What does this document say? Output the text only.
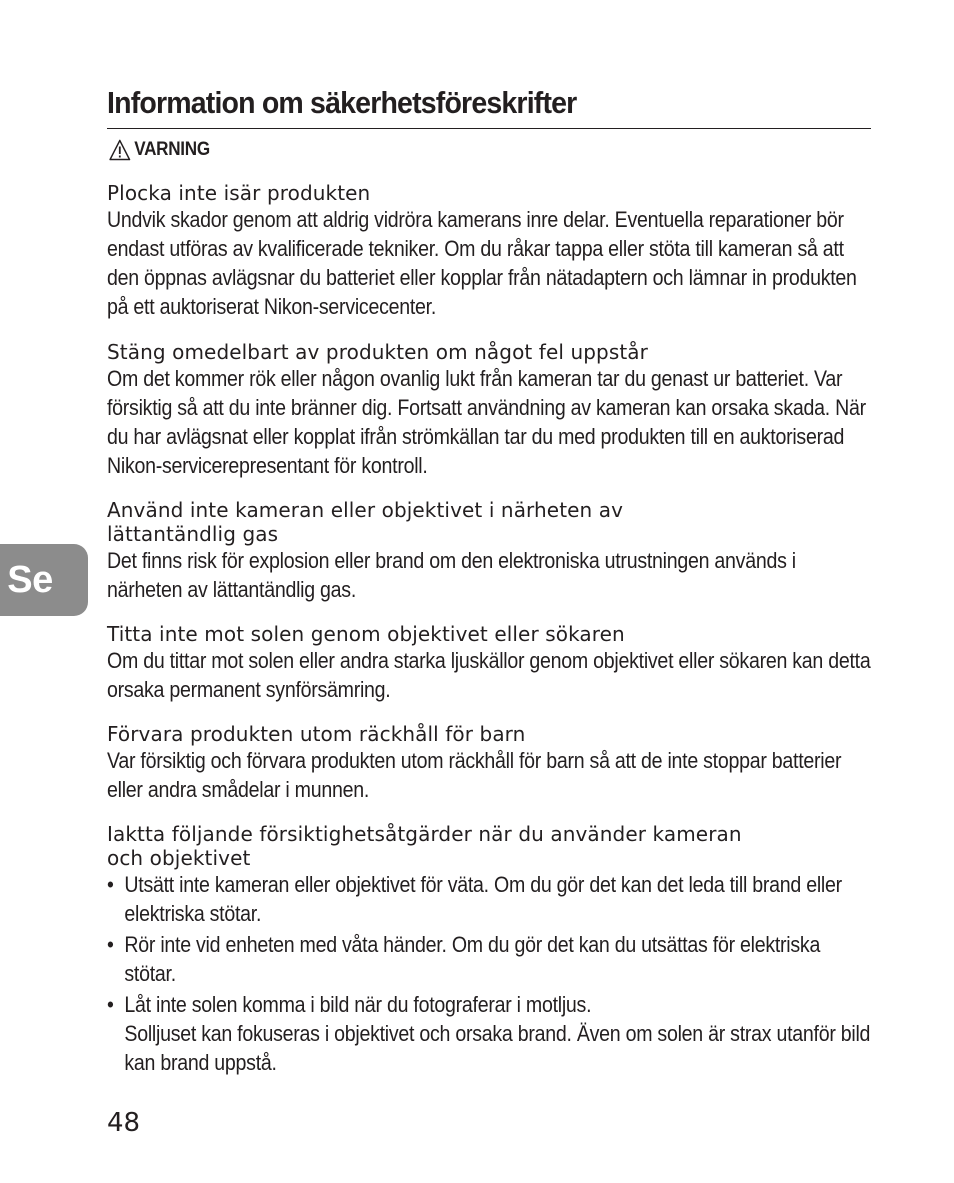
Information om säkerhetsföreskrifter
VARNING

Plocka inte isär produkten

Undvik skador genom att aldrig vidröra kamerans inre delar. Eventuella reparationer bör endast utföras av kvalificerade tekniker. Om du råkar tappa eller stöta till kameran så att den öppnas avlägsnar du batteriet eller kopplar från nätadaptern och lämnar in produkten på ett auktoriserat Nikon-servicecenter.

Stäng omedelbart av produkten om något fel uppstår

Om det kommer rök eller någon ovanlig lukt från kameran tar du genast ur batteriet. Var försiktig så att du inte bränner dig. Fortsatt användning av kameran kan orsaka skada. När du har avlägsnat eller kopplat ifrån strömkällan tar du med produkten till en auktoriserad Nikon-servicerepresentant för kontroll.

Använd inte kameran eller objektivet i närheten av

lättantändlig gas

Det finns risk för explosion eller brand om den elektroniska utrustningen används i närheten av lättantändlig gas.

Titta inte mot solen genom objektivet eller sökaren

Om du tittar mot solen eller andra starka ljuskällor genom objektivet eller sökaren kan detta orsaka permanent synförsämring.

Förvara produkten utom räckhåll för barn

Var försiktig och förvara produkten utom räckhåll för barn så att de inte stoppar batterier eller andra smådelar i munnen.

Iakttа följande försiktighetsåtgärder när du använder kameran

och objektivet

• Utsätt inte kameran eller objektivet för väta. Om du gör det kan det leda till brand eller elektriska stötar.
• Rör inte vid enheten med våta händer. Om du gör det kan du utsättas för elektriska stötar.
• Låt inte solen komma i bild när du fotograferar i motljus.
Solljuset kan fokuseras i objektivet och orsaka brand. Även om solen är strax utanför bild kan brand uppstå.
Se
48
